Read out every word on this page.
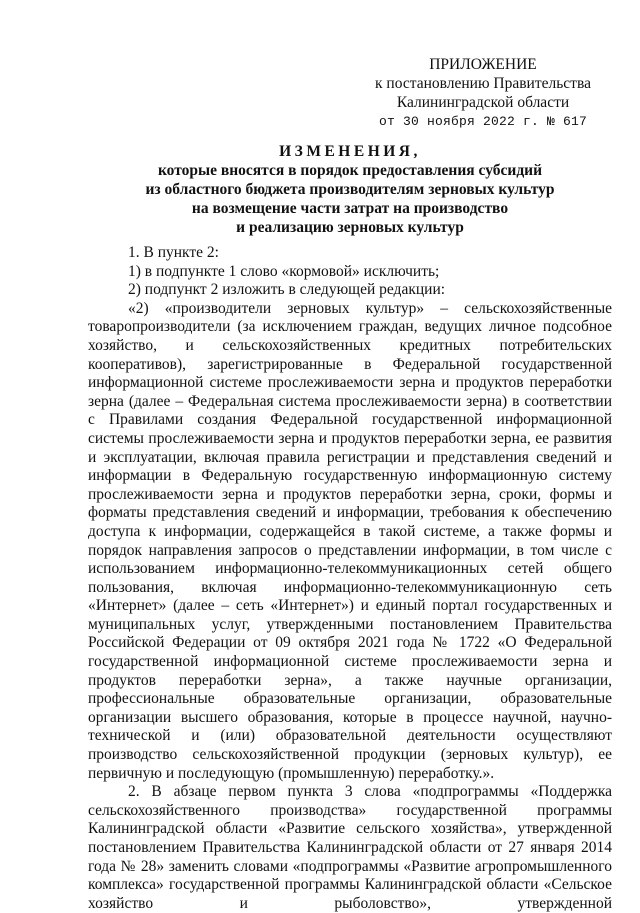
ПРИЛОЖЕНИЕ
к постановлению Правительства
Калининградской области
от 30 ноября 2022 г. № 617
ИЗМЕНЕНИЯ,
которые вносятся в порядок предоставления субсидий
из областного бюджета производителям зерновых культур
на возмещение части затрат на производство
и реализацию зерновых культур

1. В пункте 2:

1) в подпункте 1 слово «кормовой» исключить;

2) подпункт 2 изложить в следующей редакции:

«2) «производители зерновых культур» – сельскохозяйственные товаропроизводители (за исключением граждан, ведущих личное подсобное хозяйство, и сельскохозяйственных кредитных потребительских кооперативов), зарегистрированные в Федеральной государственной информационной системе прослеживаемости зерна и продуктов переработки зерна (далее – Федеральная система прослеживаемости зерна) в соответствии с Правилами создания Федеральной государственной информационной системы прослеживаемости зерна и продуктов переработки зерна, ее развития и эксплуатации, включая правила регистрации и представления сведений и информации в Федеральную государственную информационную систему прослеживаемости зерна и продуктов переработки зерна, сроки, формы и форматы представления сведений и информации, требования к обеспечению доступа к информации, содержащейся в такой системе, а также формы и порядок направления запросов о представлении информации, в том числе с использованием информационно-телекоммуникационных сетей общего пользования, включая информационно-телекоммуникационную сеть «Интернет» (далее – сеть «Интернет») и единый портал государственных и муниципальных услуг, утвержденными постановлением Правительства Российской Федерации от 09 октября 2021 года № 1722 «О Федеральной государственной информационной системе прослеживаемости зерна и продуктов переработки зерна», а также научные организации, профессиональные образовательные организации, образовательные организации высшего образования, которые в процессе научной, научно-технической и (или) образовательной деятельности осуществляют производство сельскохозяйственной продукции (зерновых культур), ее первичную и последующую (промышленную) переработку.».

2. В абзаце первом пункта 3 слова «подпрограммы «Поддержка сельскохозяйственного производства» государственной программы Калининградской области «Развитие сельского хозяйства», утвержденной постановлением Правительства Калининградской области от 27 января 2014 года № 28» заменить словами «подпрограммы «Развитие агропромышленного комплекса» государственной программы Калининградской области «Сельское хозяйство и рыболовство», утвержденной
